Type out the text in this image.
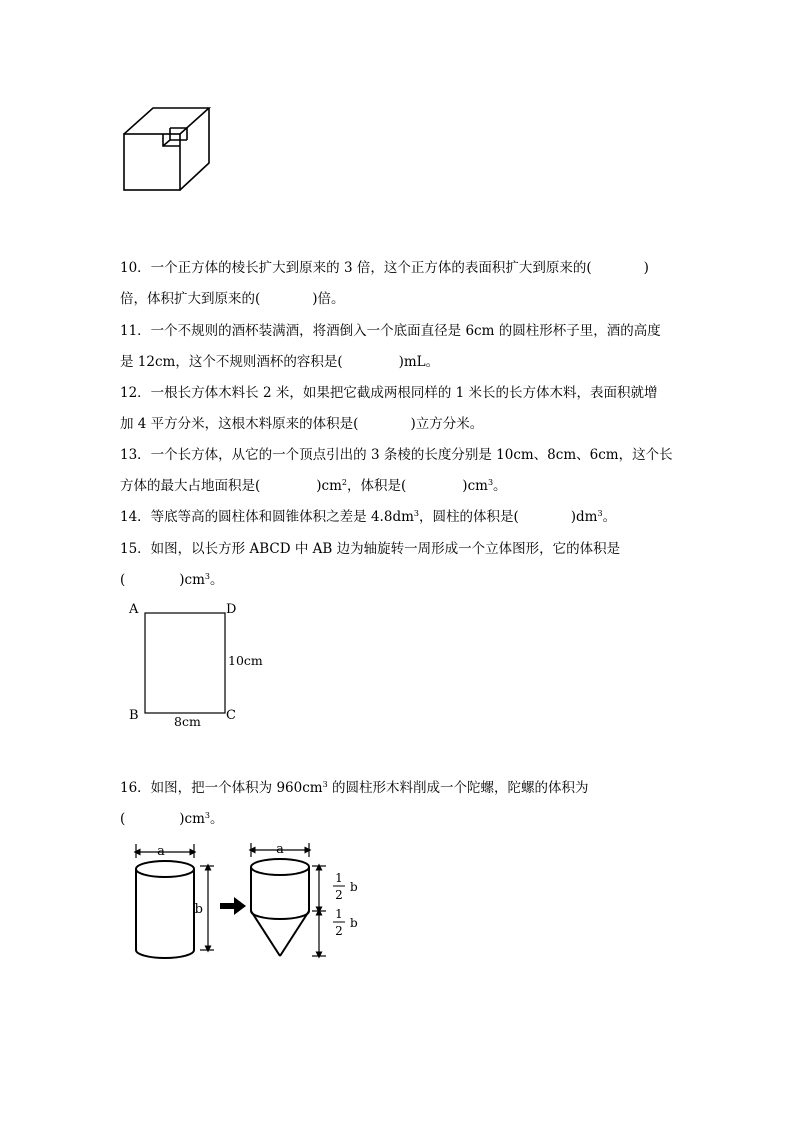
10．一个正方体的棱长扩大到原来的 3 倍，这个正方体的表面积扩大到原来的(	)
倍，体积扩大到原来的(	)倍。
11．一个不规则的酒杯装满酒，将酒倒入一个底面直径是 6cm 的圆柱形杯子里，酒的高度
是 12cm，这个不规则酒杯的容积是(	)mL。
12．一根长方体木料长 2 米，如果把它截成两根同样的 1 米长的长方体木料，表面积就增
加 4 平方分米，这根木料原来的体积是(	)立方分米。
13．一个长方体，从它的一个顶点引出的 3 条棱的长度分别是 10cm、8cm、6cm，这个长
方体的最大占地面积是(	)$cm^2$，体积是(	)$cm^3$。
14．等底等高的圆柱体和圆锥体积之差是 $4.8dm^3$，圆柱的体积是(	)$dm^3$。
15．如图，以长方形 ABCD 中 AB 边为轴旋转一周形成一个立体图形，它的体积是
(	)$cm^3$。
A	D
B	C
10cm
8cm
16．如图，把一个体积为 $960cm^3$ 的圆柱形木料削成一个陀螺，陀螺的体积为
(	)$cm^3$。
a
b
a
1
2
b
1
2
b
